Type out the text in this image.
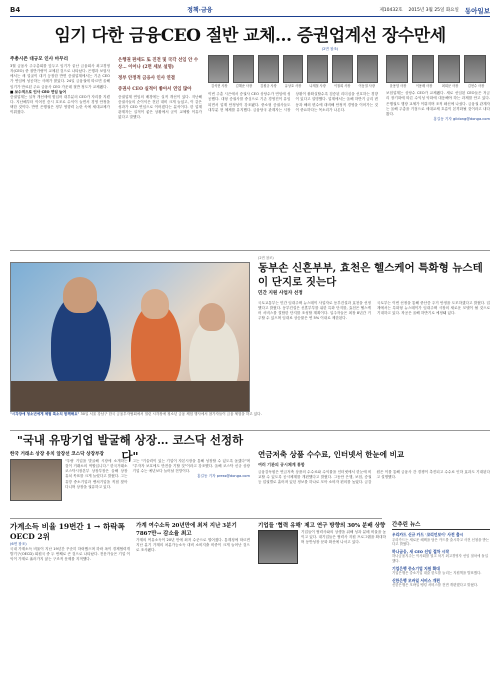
B4	정책·금융	제10432호 2015년 3월 25일 화요일 동아일보
임기 다한 금융CEO 절반 교체… 증권업계선 장수만세
(2면 참조)
주총시즌 대규모 인사 마무리
3월 금융사 주주총회를 앞두고 임기가 끝난 금융회사 최고경영자(CEO) 중 절반가량이 교체된 것으로 나타났다. 은행과 보험사에서는 새 얼굴이 대거 등장한 반면 증권업계에서는 기존 CEO가 연임에 성공하는 사례가 많았다. 24일 금융권에 따르면 올해 임기가 만료된 주요 금융사 CEO 가운데 절반 정도가 교체됐다.
■ 보수적으로 인사 CEO 연임 늘어
증권업계는 실적 개선세에 힘입어 대부분의 CEO가 자리를 지켰다. 지난해부터 이어진 증시 호조로 수익이 늘면서 경영 안정을 택한 것이다. 반면 은행권은 정부 영향력 논란 속에 세대교체가 이뤄졌다.
은행권 판세도 또 진전 및 국각 선임 안 수상… 이어나 (2면 세보 설명)
정부 안정적 금융사 인사 연결
증권사 CEO 실적이 좋아서 연임 많아
증권업계 연임의 배경에는 실적 개선이 있다. 지난해 증권사들의 순이익은 전년 대비 크게 늘었고, 이 같은 성과가 CEO 연임으로 이어졌다는 분석이다. 한 업계 관계자는 실적이 좋은 상황에서 굳이 교체할 이유가 없다고 말했다.
김석현 사장	김해준 사장	김원규 사장	유상호 사장	나재철 사장	이철희 사장	이동열 사장
이번 주총 시즌에서 증권사 CEO 상당수가 연임에 성공했다. 대형 증권사를 중심으로 기존 경영진이 유임되면서 업계 안정성이 강조됐다. 중소형 증권사들도 대부분 현 체제를 유지했다. 금융당국 관계자는 시장 상황이 불확실할수록 검증된 리더십을 선호하는 경향이 있다고 설명했다. 업계에서는 올해 하반기 금리 변동과 해외 변수에 대비해 안정적 경영을 이어가는 것이 중요하다는 목소리가 나온다.
윤용암 사장	이용배 사장	최희문 사장	김현수 사장
보험업계는 상당수 CEO가 교체됐다. 새로 선임된 CEO들은 저금리 장기화에 따른 수익성 악화에 대응해야 하는 과제를 안고 있다. 은행권도 행장 교체가 이뤄지며 조직 쇄신에 나섰다. 금융권 관계자는 올해 주총을 기점으로 세대교체 흐름이 본격화될 것이라고 내다봤다.
홍길동 기자 gildong@donga.com
"시각장애 청소년에게 체험 특소치 함께해요" 30일 서울 강남구 한국 금융투자협회에서 열린 시각장애 청소년 금융 체험 행사에서 참가자들이 금융 체험을 하고 있다.
(2면 참조)
동부손 신흔부부, 효천은 헬스케어 특화형 뉴스테이 단지로 짓는다
민간 지원 사업자 선정
국토교통부는 민간 임대주택 뉴스테이 사업자로 동부건설과 효천을 선정했다고 밝혔다. 동부건설은 신혼부부를 위한 특화 단지를, 효천은 헬스케어 서비스를 결합한 단지를 조성할 계획이다. 입주자들은 최장 8년간 거주할 수 있으며 임대료 상승률은 연 5% 이내로 제한된다.
국토부는 이번 선정을 통해 중산층 주거 안정을 도모하겠다고 밝혔다. 업계에서는 특화형 뉴스테이가 임대주택 시장의 새로운 모델이 될 것으로 기대하고 있다. 착공은 올해 하반기로 예정돼 있다.
"국내 유망기업 발굴해 상장… 코스닥 선정하다"
한국 거래소 상장 유치 앞장선 코스닥 상장부장
"우량 기업을 발굴해 시장에 소개하는 것이 거래소의 역할입니다." 한국거래소 코스닥시장본부 상장부장은 올해 상장 유치 목표를 크게 늘렸다고 밝혔다. 그는 유망 중소기업과 벤처기업을 직접 찾아다니며 상장을 권유하고 있다.
그는 "기술력이 있는 기업이 자본시장을 통해 성장할 수 있도록 돕겠다"며 "투자자 보호에도 만전을 기할 것"이라고 강조했다. 올해 코스닥 신규 상장 기업 수는 예년보다 늘어날 전망이다.
홍길동 기자 press@donga.com
연금저축 상품 수수료, 인터넷서 한눈에 비교
여러 기관의 공시체계 통합
금융감독원은 연금저축 상품의 수수료와 수익률을 인터넷에서 한눈에 비교할 수 있도록 공시체계를 개편했다고 밝혔다. 그동안 은행, 보험, 증권 등 업권별로 흩어져 있던 정보를 하나로 모아 소비자 편의를 높였다. 금감원은 이를 통해 금융사 간 경쟁이 촉진되고 수수료 인하 효과도 기대된다고 설명했다.
가계소득 비율 19번간 1 → 하락폭 OECD 2위
(6면 참조)
국내 가계소득 비율이 지난 19년간 꾸준히 하락했으며 하락 폭이 경제협력개발기구(OECD) 회원국 중 두 번째로 큰 것으로 나타났다. 전문가들은 기업 이익이 가계로 흘러가지 않는 구조적 문제를 지적했다.
가계 여수소득 20년만에 최저 지난 3분기 7867만→ 감소율 최고
가계의 여유소득이 20년 만에 최저 수준으로 떨어졌다. 통계청에 따르면 지난 분기 가계의 처분가능소득 대비 소비지출 비중이 크게 늘어난 것으로 조사됐다.
기업들 '협력 유해' 제고 연구 방향의 30% 분배 상향
기업들이 협력사와의 상생을 위해 성과 분배 비율을 높이고 있다. 대기업들은 협력사 지원 프로그램을 확대하며 동반성장 문화 확산에 나서고 있다.
간추린 뉴스
우리카드 신규 카드 '코리언보이' 사전 출시
우리카드는 새로운 혜택을 담은 카드를 출시하고 사전 신청을 받는다고 밝혔다.
하나금융, 새 CEO 선임 절차 시작
하나금융지주는 이사회를 열고 차기 최고경영자 선임 절차에 돌입했다.
기업은행 중소기업 지원 확대
기업은행은 중소기업 대출 한도를 늘리는 지원책을 발표했다.
신한은행 모바일 서비스 개편
신한은행은 모바일 뱅킹 서비스를 전면 개편했다고 밝혔다.
